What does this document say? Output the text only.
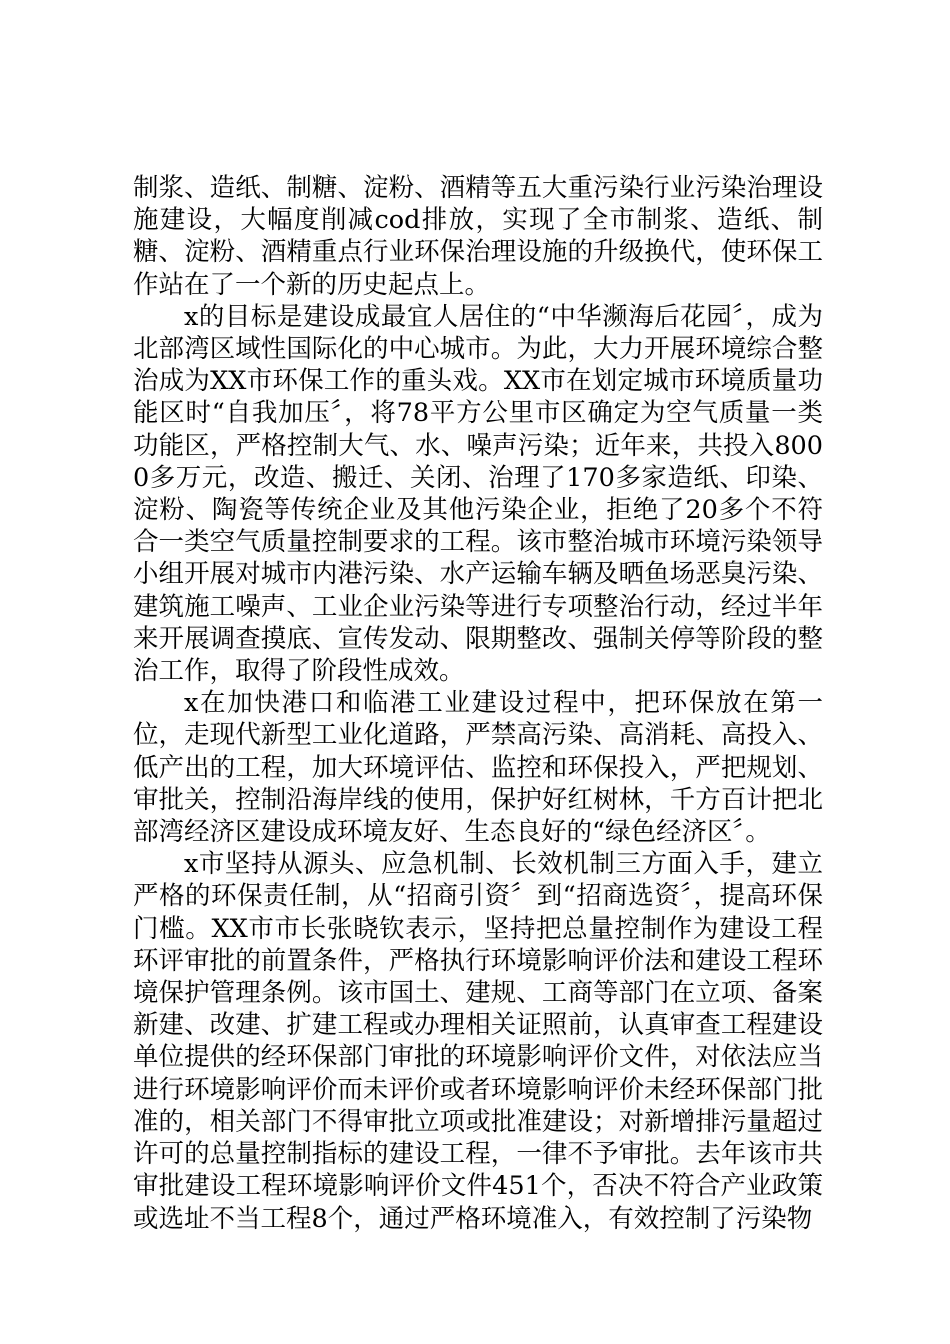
制浆、造纸、制糖、淀粉、酒精等五大重污染行业污染治理设施建设，大幅度削减cod排放，实现了全市制浆、造纸、制糖、淀粉、酒精重点行业环保治理设施的升级换代，使环保工作站在了一个新的历史起点上。

x的目标是建设成最宜人居住的“中华濒海后花园〞，成为北部湾区域性国际化的中心城市。为此，大力开展环境综合整治成为XX市环保工作的重头戏。XX市在划定城市环境质量功能区时“自我加压〞，将78平方公里市区确定为空气质量一类功能区，严格控制大气、水、噪声污染；近年来，共投入8000多万元，改造、搬迁、关闭、治理了170多家造纸、印染、淀粉、陶瓷等传统企业及其他污染企业，拒绝了20多个不符合一类空气质量控制要求的工程。该市整治城市环境污染领导小组开展对城市内港污染、水产运输车辆及晒鱼场恶臭污染、建筑施工噪声、工业企业污染等进行专项整治行动，经过半年来开展调查摸底、宣传发动、限期整改、强制关停等阶段的整治工作，取得了阶段性成效。

x在加快港口和临港工业建设过程中，把环保放在第一位，走现代新型工业化道路，严禁高污染、高消耗、高投入、低产出的工程，加大环境评估、监控和环保投入，严把规划、审批关，控制沿海岸线的使用，保护好红树林，千方百计把北部湾经济区建设成环境友好、生态良好的“绿色经济区〞。

x市坚持从源头、应急机制、长效机制三方面入手，建立严格的环保责任制，从“招商引资〞到“招商选资〞，提高环保门槛。XX市市长张晓钦表示，坚持把总量控制作为建设工程环评审批的前置条件，严格执行环境影响评价法和建设工程环境保护管理条例。该市国土、建规、工商等部门在立项、备案新建、改建、扩建工程或办理相关证照前，认真审查工程建设单位提供的经环保部门审批的环境影响评价文件，对依法应当进行环境影响评价而未评价或者环境影响评价未经环保部门批准的，相关部门不得审批立项或批准建设；对新增排污量超过许可的总量控制指标的建设工程，一律不予审批。去年该市共审批建设工程环境影响评价文件451个，否决不符合产业政策或选址不当工程8个，通过严格环境准入，有效控制了污染物
